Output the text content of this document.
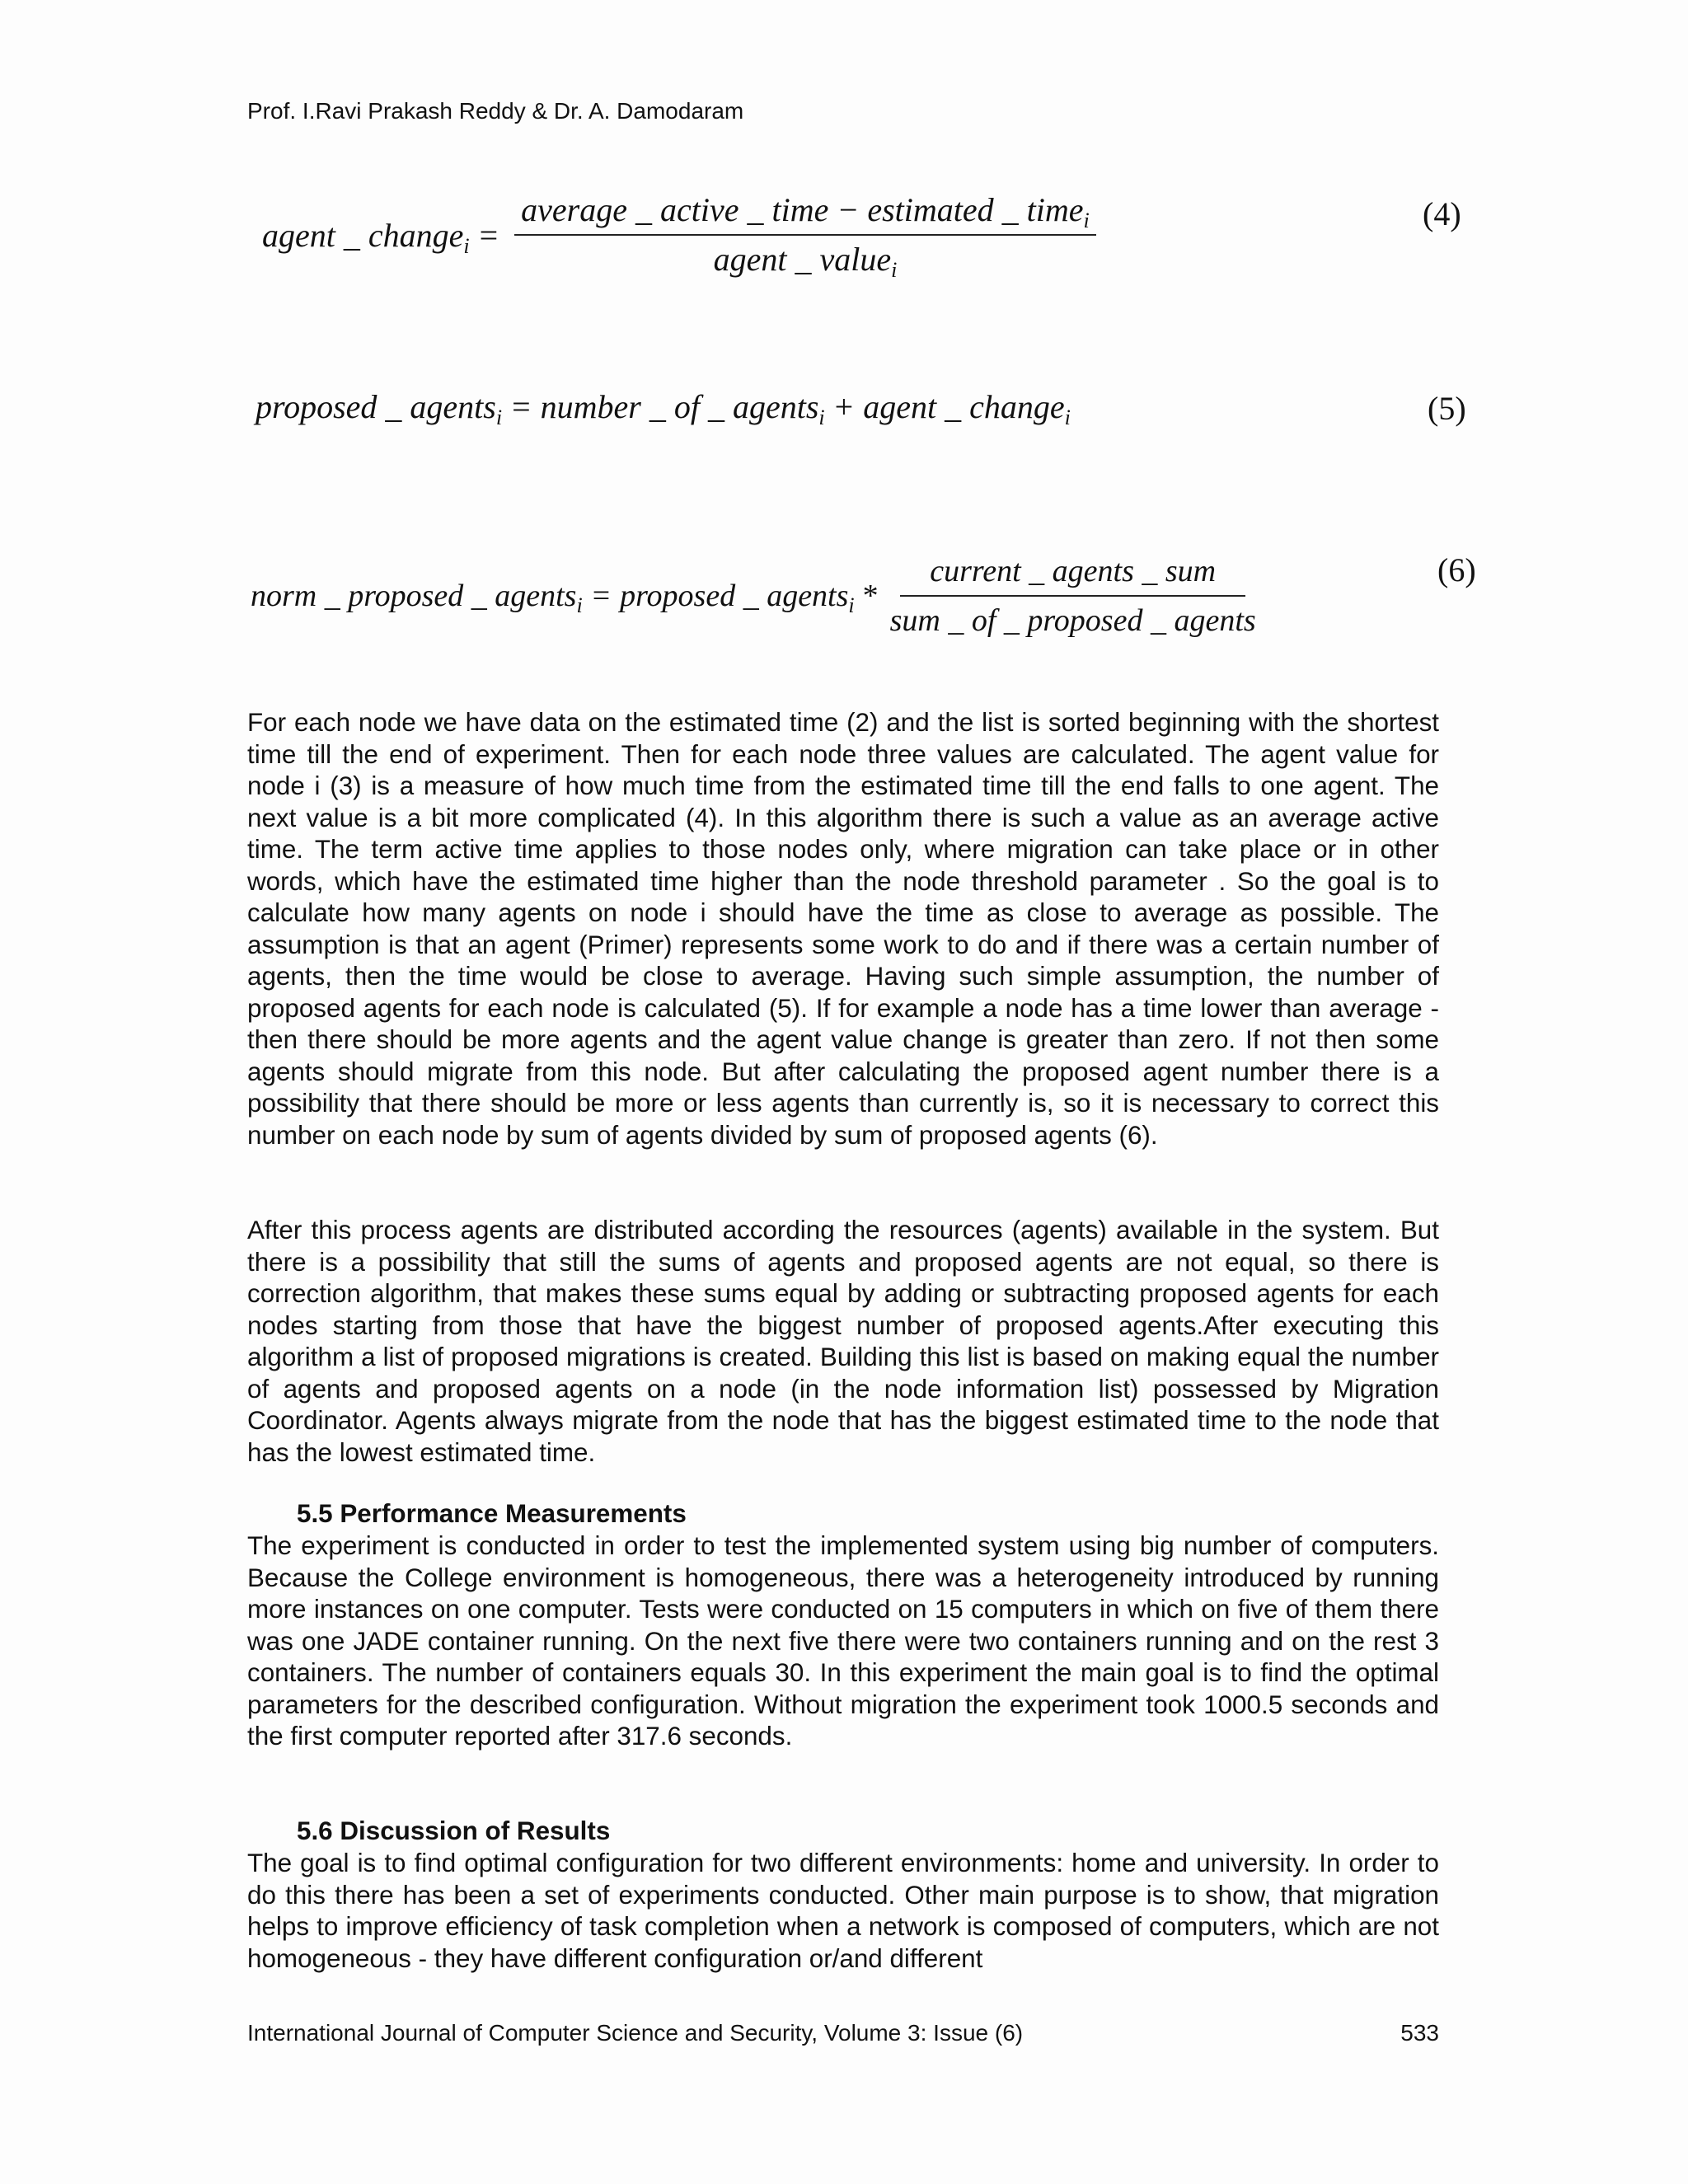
Prof. I.Ravi Prakash Reddy & Dr. A. Damodaram
agent _ change$_i$ = $\frac{average \_ active \_ time - estimated \_ time_i}{agent \_ value_i}$	(4)
proposed _ agents$_i$ = number _ of _ agents$_i$ + agent _ change$_i$	(5)
norm _ proposed _ agents$_i$ = proposed _ agents$_i$ * $\frac{\text{current \_ agents \_ sum}}{\text{sum \_ of \_ proposed \_ agents}}$	(6)
For each node we have data on the estimated time (2) and the list is sorted beginning with the shortest time till the end of experiment. Then for each node three values are calculated. The agent value for node i (3) is a measure of how much time from the estimated time till the end falls to one agent. The next value is a bit more complicated (4). In this algorithm there is such a value as an average active time. The term active time applies to those nodes only, where migration can take place or in other words, which have the estimated time higher than the node threshold parameter . So the goal is to calculate how many agents on node i should have the time as close to average as possible. The assumption is that an agent (Primer) represents some work to do and if there was a certain number of agents, then the time would be close to average. Having such simple assumption, the number of proposed agents for each node is calculated (5). If for example a node has a time lower than average - then there should be more agents and the agent value change is greater than zero. If not then some agents should migrate from this node. But after calculating the proposed agent number there is a possibility that there should be more or less agents than currently is, so it is necessary to correct this number on each node by sum of agents divided by sum of proposed agents (6).
After this process agents are distributed according the resources (agents) available in the system. But there is a possibility that still the sums of agents and proposed agents are not equal, so there is correction algorithm, that makes these sums equal by adding or subtracting proposed agents for each nodes starting from those that have the biggest number of proposed agents.After executing this algorithm a list of proposed migrations is created. Building this list is based on making equal the number of agents and proposed agents on a node (in the node information list) possessed by Migration Coordinator. Agents always migrate from the node that has the biggest estimated time to the node that has the lowest estimated time.
5.5 Performance Measurements
The experiment is conducted in order to test the implemented system using big number of computers. Because the College environment is homogeneous, there was a heterogeneity introduced by running more instances on one computer. Tests were conducted on 15 computers in which on five of them there was one JADE container running. On the next five there were two containers running and on the rest 3 containers. The number of containers equals 30. In this experiment the main goal is to find the optimal parameters for the described configuration. Without migration the experiment took 1000.5 seconds and the first computer reported after 317.6 seconds.
5.6 Discussion of Results
The goal is to find optimal configuration for two different environments: home and university. In order to do this there has been a set of experiments conducted. Other main purpose is to show, that migration helps to improve efficiency of task completion when a network is composed of computers, which are not homogeneous - they have different configuration or/and different
International Journal of Computer Science and Security, Volume 3: Issue (6)	533
